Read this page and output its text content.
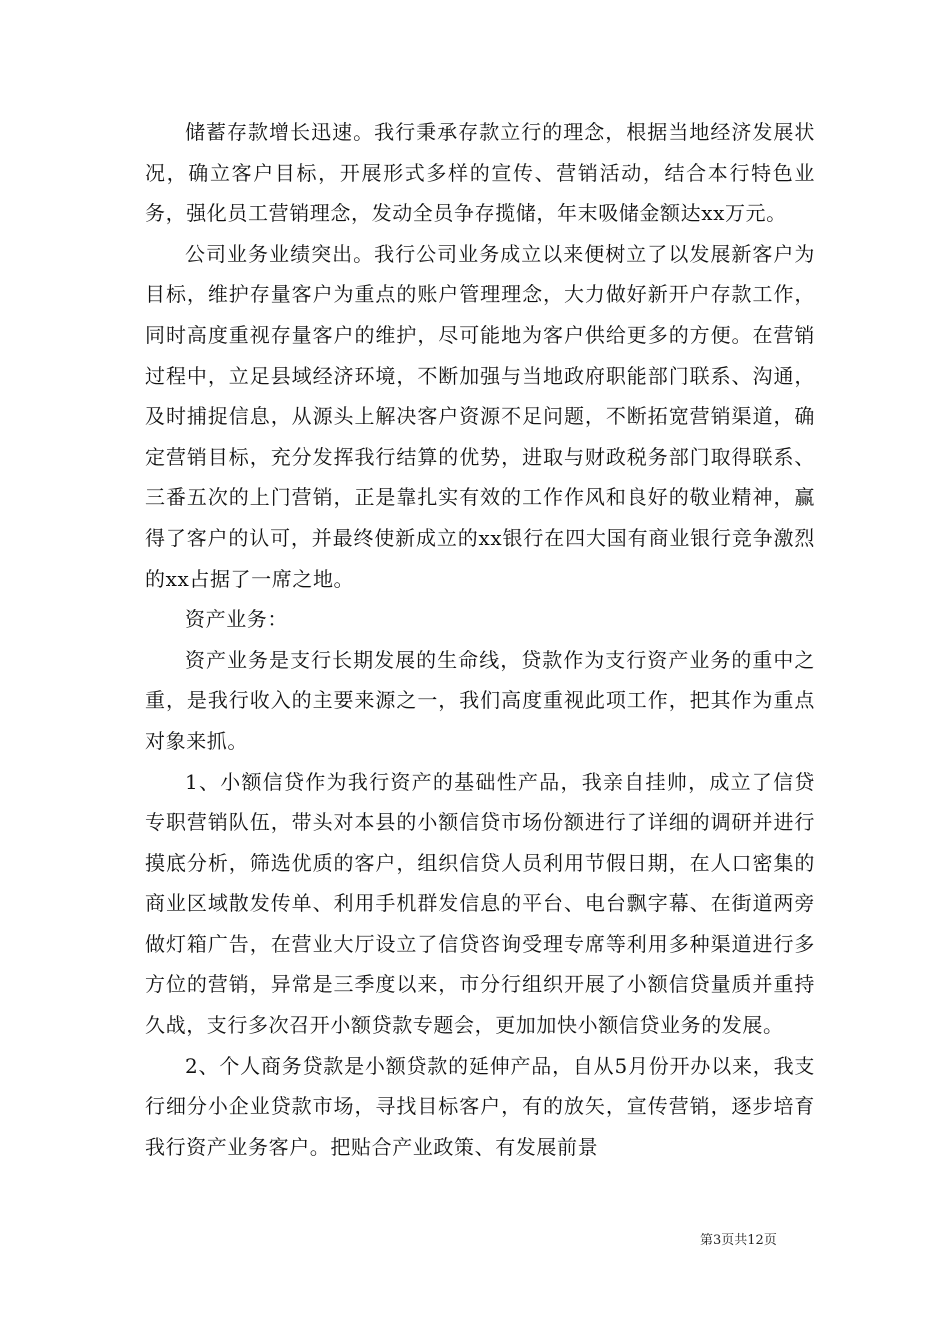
储蓄存款增长迅速。我行秉承存款立行的理念，根据当地经济发展状况，确立客户目标，开展形式多样的宣传、营销活动，结合本行特色业务，强化员工营销理念，发动全员争存揽储，年末吸储金额达xx万元。

公司业务业绩突出。我行公司业务成立以来便树立了以发展新客户为目标，维护存量客户为重点的账户管理理念，大力做好新开户存款工作，同时高度重视存量客户的维护，尽可能地为客户供给更多的方便。在营销过程中，立足县域经济环境，不断加强与当地政府职能部门联系、沟通，及时捕捉信息，从源头上解决客户资源不足问题，不断拓宽营销渠道，确定营销目标，充分发挥我行结算的优势，进取与财政税务部门取得联系、三番五次的上门营销，正是靠扎实有效的工作作风和良好的敬业精神，赢得了客户的认可，并最终使新成立的xx银行在四大国有商业银行竞争激烈的xx占据了一席之地。

资产业务：

资产业务是支行长期发展的生命线，贷款作为支行资产业务的重中之重，是我行收入的主要来源之一，我们高度重视此项工作，把其作为重点对象来抓。

1、小额信贷作为我行资产的基础性产品，我亲自挂帅，成立了信贷专职营销队伍，带头对本县的小额信贷市场份额进行了详细的调研并进行摸底分析，筛选优质的客户，组织信贷人员利用节假日期，在人口密集的商业区域散发传单、利用手机群发信息的平台、电台飘字幕、在街道两旁做灯箱广告，在营业大厅设立了信贷咨询受理专席等利用多种渠道进行多方位的营销，异常是三季度以来，市分行组织开展了小额信贷量质并重持久战，支行多次召开小额贷款专题会，更加加快小额信贷业务的发展。

2、个人商务贷款是小额贷款的延伸产品，自从5月份开办以来，我支行细分小企业贷款市场，寻找目标客户，有的放矢，宣传营销，逐步培育我行资产业务客户。把贴合产业政策、有发展前景

第3页共12页
